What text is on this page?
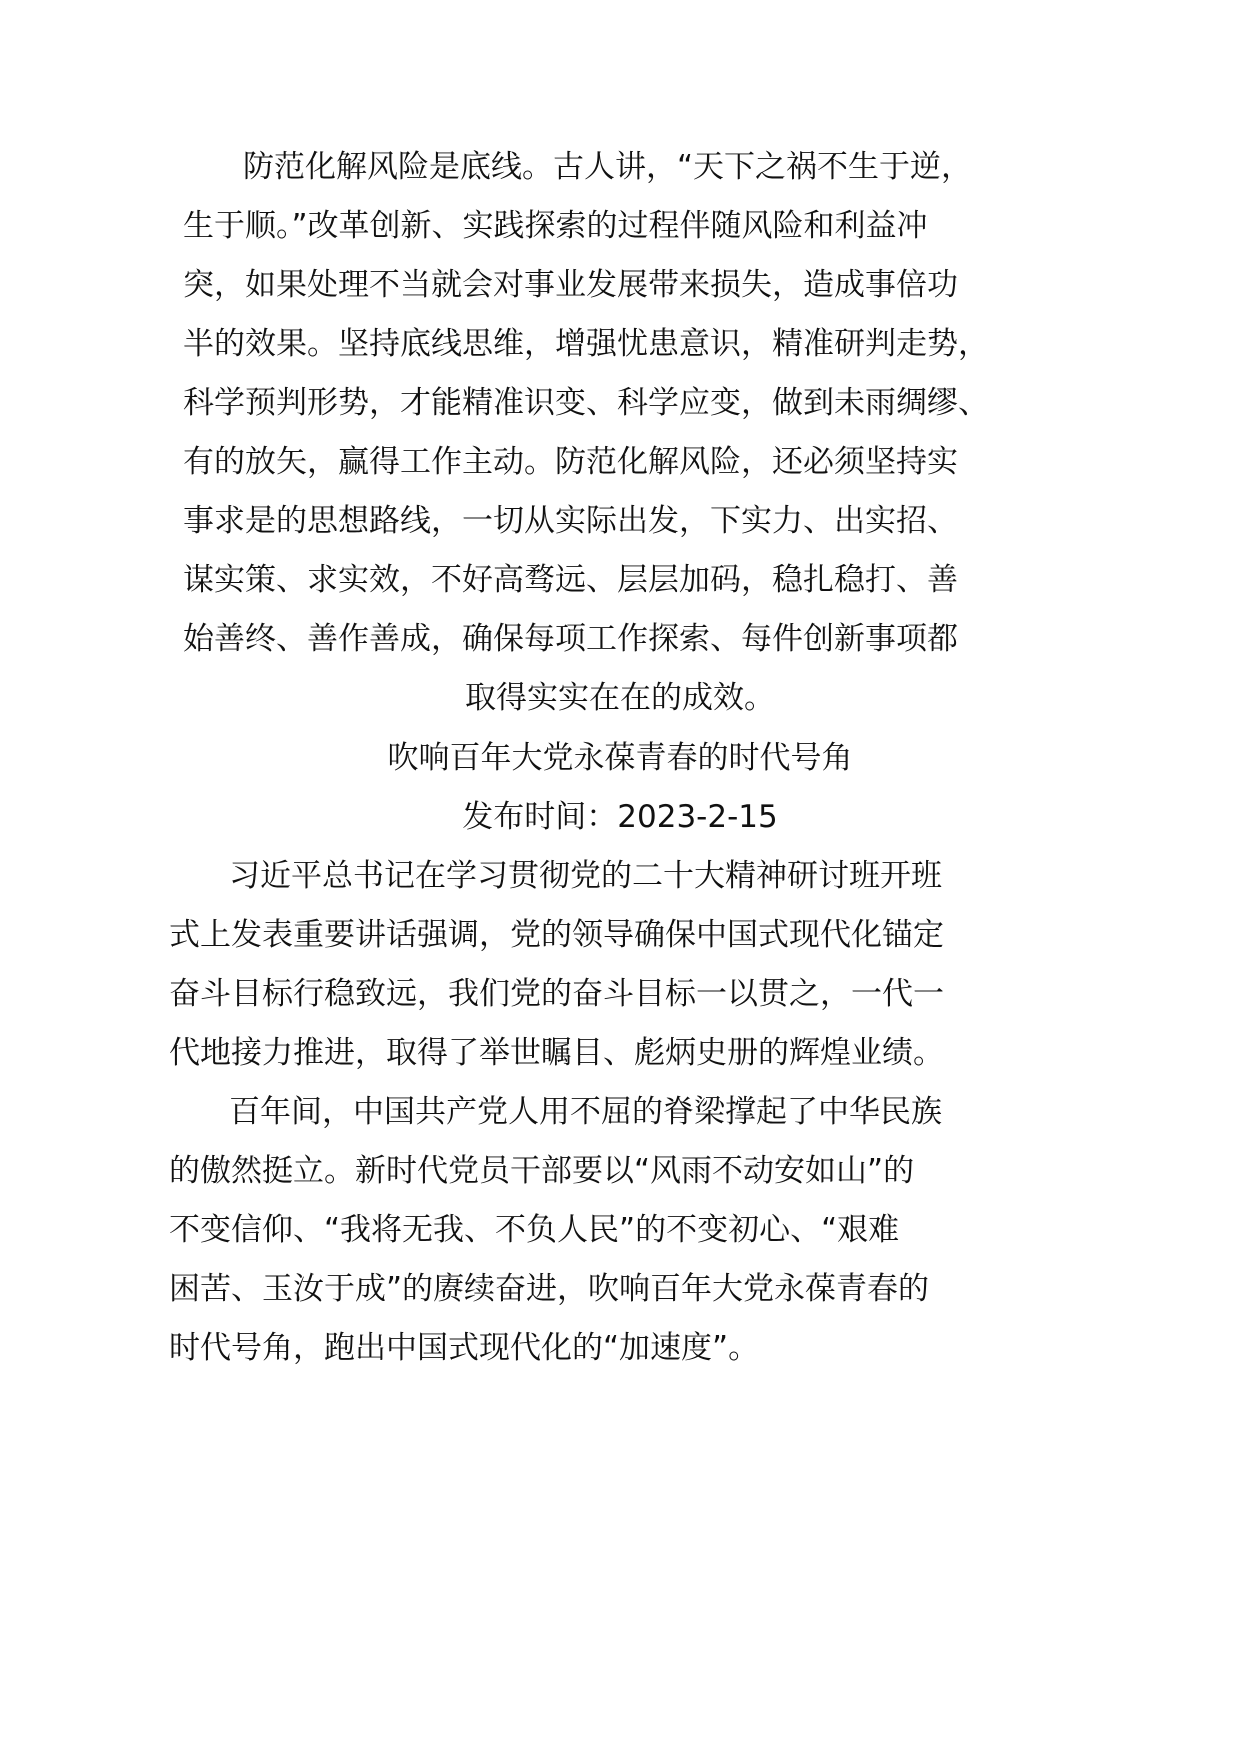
防范化解风险是底线。古人讲，“天下之祸不生于逆，
生于顺。”改革创新、实践探索的过程伴随风险和利益冲
突，如果处理不当就会对事业发展带来损失，造成事倍功
半的效果。坚持底线思维，增强忧患意识，精准研判走势，
科学预判形势，才能精准识变、科学应变，做到未雨绸缪、
有的放矢，赢得工作主动。防范化解风险，还必须坚持实
事求是的思想路线，一切从实际出发，下实力、出实招、
谋实策、求实效，不好高骛远、层层加码，稳扎稳打、善
始善终、善作善成，确保每项工作探索、每件创新事项都
取得实实在在的成效。
吹响百年大党永葆青春的时代号角
发布时间：2023-2-15
习近平总书记在学习贯彻党的二十大精神研讨班开班
式上发表重要讲话强调，党的领导确保中国式现代化锚定
奋斗目标行稳致远，我们党的奋斗目标一以贯之，一代一
代地接力推进，取得了举世瞩目、彪炳史册的辉煌业绩。
百年间，中国共产党人用不屈的脊梁撑起了中华民族
的傲然挺立。新时代党员干部要以“风雨不动安如山”的
不变信仰、“我将无我、不负人民”的不变初心、“艰难
困苦、玉汝于成”的赓续奋进，吹响百年大党永葆青春的
时代号角，跑出中国式现代化的“加速度”。
